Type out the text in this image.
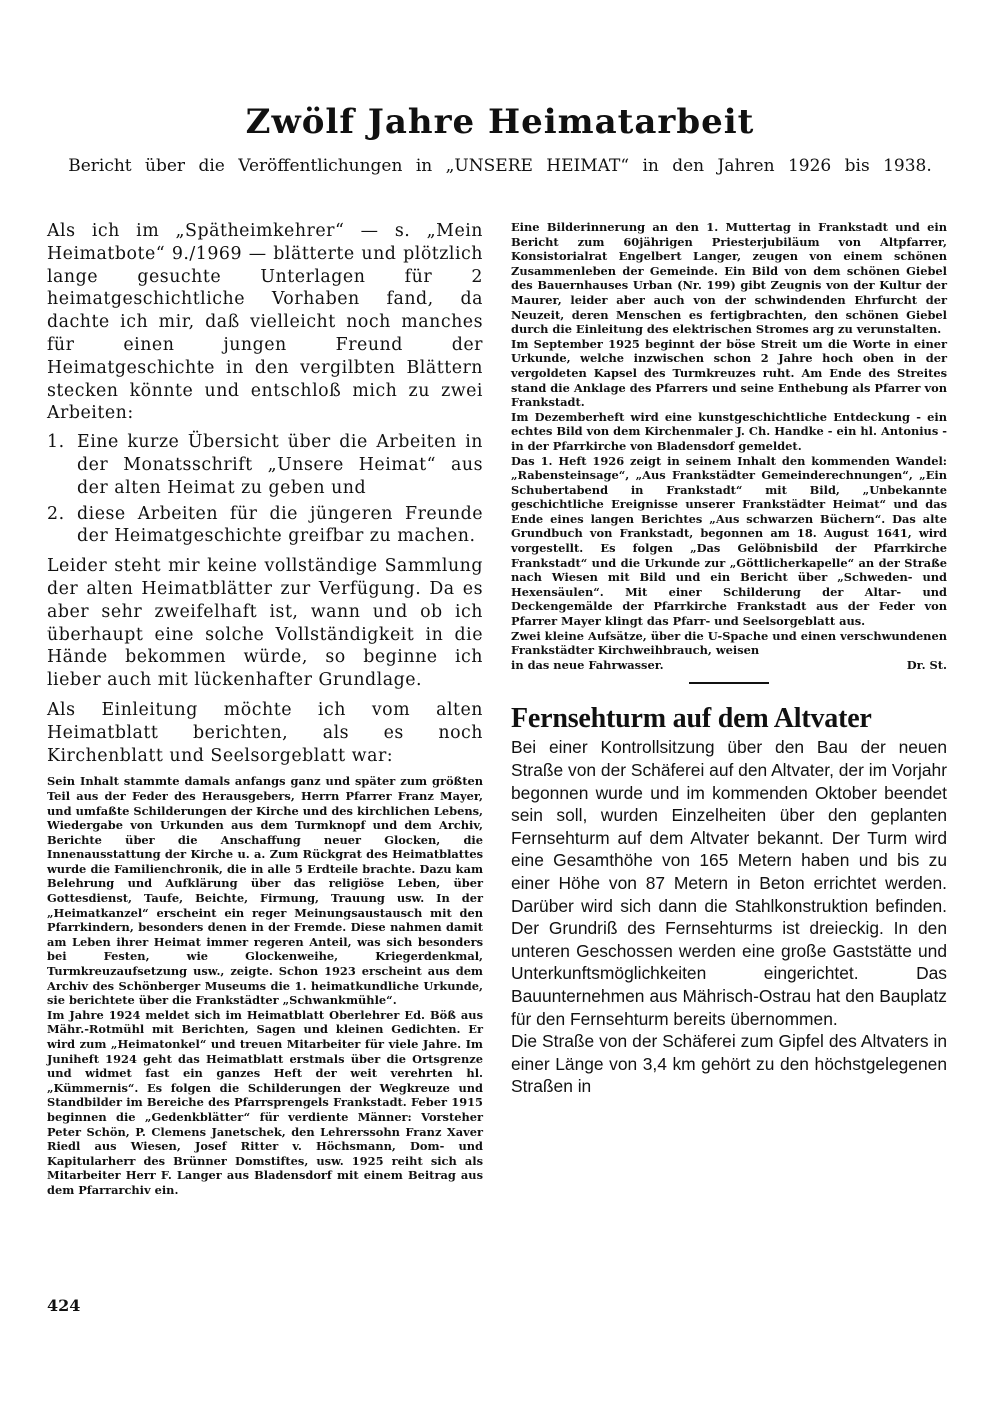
Zwölf Jahre Heimatarbeit
Bericht über die Veröffentlichungen in „UNSERE HEIMAT“ in den Jahren 1926 bis 1938.

Als ich im „Spätheimkehrer“ — s. „Mein Heimatbote“ 9./1969 — blätterte und plötzlich lange gesuchte Unterlagen für 2 heimatgeschichtliche Vorhaben fand, da dachte ich mir, daß vielleicht noch manches für einen jungen Freund der Heimatgeschichte in den vergilbten Blättern stecken könnte und entschloß mich zu zwei Arbeiten:

1. Eine kurze Übersicht über die Arbeiten in der Monatsschrift „Unsere Heimat“ aus der alten Heimat zu geben und
2. diese Arbeiten für die jüngeren Freunde der Heimatgeschichte greifbar zu machen.

Leider steht mir keine vollständige Sammlung der alten Heimatblätter zur Verfügung. Da es aber sehr zweifelhaft ist, wann und ob ich überhaupt eine solche Vollständigkeit in die Hände bekommen würde, so beginne ich lieber auch mit lückenhafter Grundlage.

Als Einleitung möchte ich vom alten Heimatblatt berichten, als es noch Kirchenblatt und Seelsorgeblatt war:

Sein Inhalt stammte damals anfangs ganz und später zum größten Teil aus der Feder des Herausgebers, Herrn Pfarrer Franz Mayer, und umfaßte Schilderungen der Kirche und des kirchlichen Lebens, Wiedergabe von Urkunden aus dem Turmknopf und dem Archiv, Berichte über die Anschaffung neuer Glocken, die Innenausstattung der Kirche u. a. Zum Rückgrat des Heimatblattes wurde die Familienchronik, die in alle 5 Erdteile brachte. Dazu kam Belehrung und Aufklärung über das religiöse Leben, über Gottesdienst, Taufe, Beichte, Firmung, Trauung usw. In der „Heimatkanzel“ erscheint ein reger Meinungsaustausch mit den Pfarrkindern, besonders denen in der Fremde. Diese nahmen damit am Leben ihrer Heimat immer regeren Anteil, was sich besonders bei Festen, wie Glockenweihe, Kriegerdenkmal, Turmkreuzaufsetzung usw., zeigte. Schon 1923 erscheint aus dem Archiv des Schönberger Museums die 1. heimatkundliche Urkunde, sie berichtete über die Frankstädter „Schwankmühle“.

Im Jahre 1924 meldet sich im Heimatblatt Oberlehrer Ed. Böß aus Mähr.-Rotmühl mit Berichten, Sagen und kleinen Gedichten. Er wird zum „Heimatonkel“ und treuen Mitarbeiter für viele Jahre. Im Juniheft 1924 geht das Heimatblatt erstmals über die Ortsgrenze und widmet fast ein ganzes Heft der weit verehrten hl. „Kümmernis“. Es folgen die Schilderungen der Wegkreuze und Standbilder im Bereiche des Pfarrsprengels Frankstadt. Feber 1915 beginnen die „Gedenkblätter“ für verdiente Männer: Vorsteher Peter Schön, P. Clemens Janetschek, den Lehrerssohn Franz Xaver Riedl aus Wiesen, Josef Ritter v. Höchsmann, Dom- und Kapitularherr des Brünner Domstiftes, usw. 1925 reiht sich als Mitarbeiter Herr F. Langer aus Bladensdorf mit einem Beitrag aus dem Pfarrarchiv ein.

Eine Bilderinnerung an den 1. Muttertag in Frankstadt und ein Bericht zum 60jährigen Priesterjubiläum von Altpfarrer, Konsistorialrat Engelbert Langer, zeugen von einem schönen Zusammenleben der Gemeinde. Ein Bild von dem schönen Giebel des Bauernhauses Urban (Nr. 199) gibt Zeugnis von der Kultur der Maurer, leider aber auch von der schwindenden Ehrfurcht der Neuzeit, deren Menschen es fertigbrachten, den schönen Giebel durch die Einleitung des elektrischen Stromes arg zu verunstalten.

Im September 1925 beginnt der böse Streit um die Worte in einer Urkunde, welche inzwischen schon 2 Jahre hoch oben in der vergoldeten Kapsel des Turmkreuzes ruht. Am Ende des Streites stand die Anklage des Pfarrers und seine Enthebung als Pfarrer von Frankstadt.

Im Dezemberheft wird eine kunstgeschichtliche Entdeckung - ein echtes Bild von dem Kirchenmaler J. Ch. Handke - ein hl. Antonius - in der Pfarrkirche von Bladensdorf gemeldet.

Das 1. Heft 1926 zeigt in seinem Inhalt den kommenden Wandel: „Rabensteinsage“, „Aus Frankstädter Gemeinderechnungen“, „Ein Schubertabend in Frankstadt“ mit Bild, „Unbekannte geschichtliche Ereignisse unserer Frankstädter Heimat“ und das Ende eines langen Berichtes „Aus schwarzen Büchern“. Das alte Grundbuch von Frankstadt, begonnen am 18. August 1641, wird vorgestellt. Es folgen „Das Gelöbnisbild der Pfarrkirche Frankstadt“ und die Urkunde zur „Göttlicherkapelle“ an der Straße nach Wiesen mit Bild und ein Bericht über „Schweden- und Hexensäulen“. Mit einer Schilderung der Altar- und Deckengemälde der Pfarrkirche Frankstadt aus der Feder von Pfarrer Mayer klingt das Pfarr- und Seelsorgeblatt aus.

Zwei kleine Aufsätze, über die U-Spache und einen verschwundenen Frankstädter Kirchweihbrauch, weisen

in das neue Fahrwasser.	Dr. St.
Fernsehturm auf dem Altvater

Bei einer Kontrollsitzung über den Bau der neuen Straße von der Schäferei auf den Altvater, der im Vorjahr begonnen wurde und im kommenden Oktober beendet sein soll, wurden Einzelheiten über den geplanten Fernsehturm auf dem Altvater bekannt. Der Turm wird eine Gesamthöhe von 165 Metern haben und bis zu einer Höhe von 87 Metern in Beton errichtet werden. Darüber wird sich dann die Stahlkonstruktion befinden. Der Grundriß des Fernsehturms ist dreieckig. In den unteren Geschossen werden eine große Gaststätte und Unterkunftsmöglichkeiten eingerichtet. Das Bauunternehmen aus Mährisch-Ostrau hat den Bauplatz für den Fernsehturm bereits übernommen.

Die Straße von der Schäferei zum Gipfel des Altvaters in einer Länge von 3,4 km gehört zu den höchstgelegenen Straßen in

424
